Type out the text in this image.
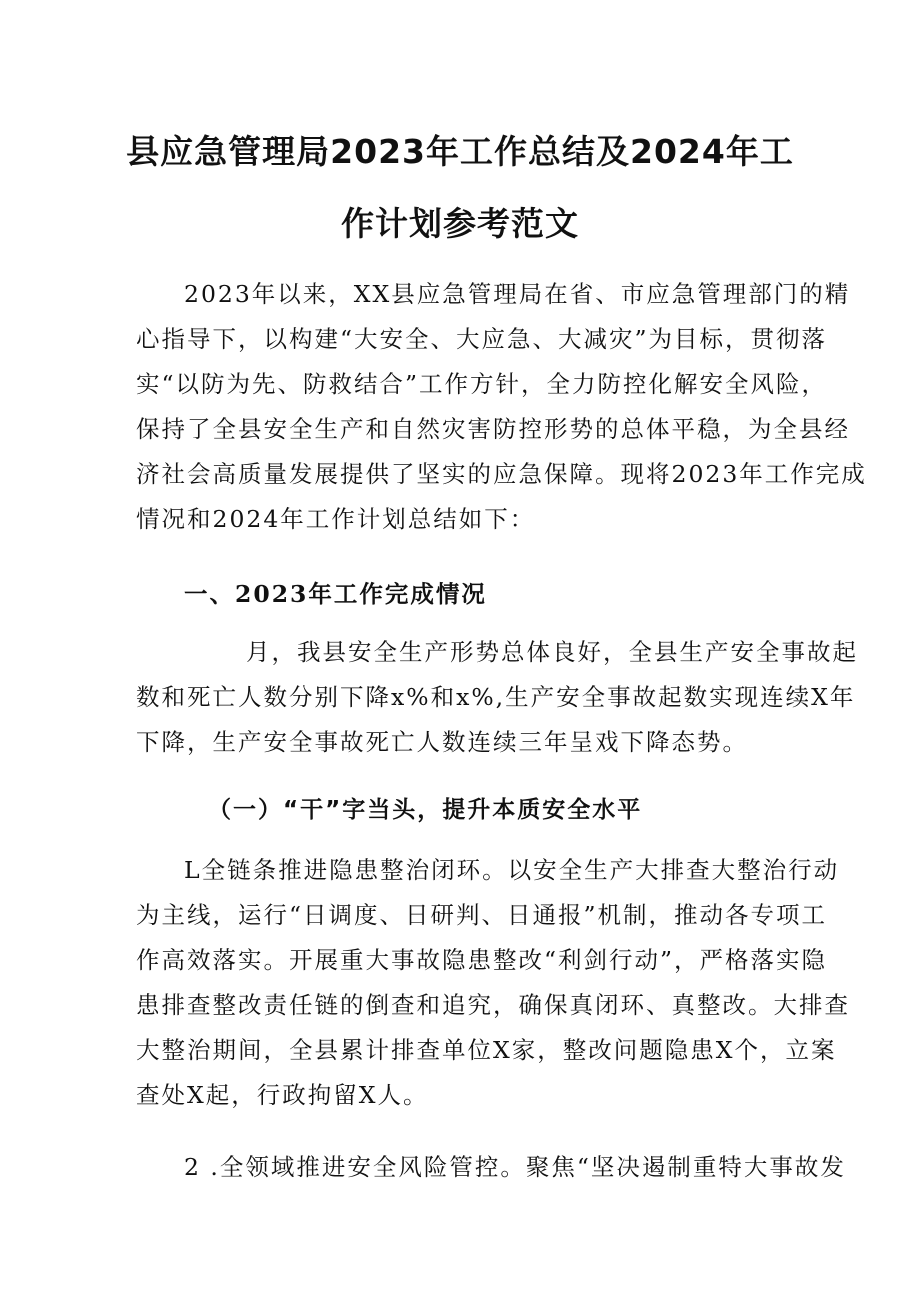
县应急管理局2023年工作总结及2024年工
作计划参考范文

2023年以来，XX县应急管理局在省、市应急管理部门的精
心指导下，以构建“大安全、大应急、大减灾”为目标，贯彻落
实“以防为先、防救结合”工作方针，全力防控化解安全风险，
保持了全县安全生产和自然灾害防控形势的总体平稳，为全县经
济社会高质量发展提供了坚实的应急保障。现将2023年工作完成
情况和2024年工作计划总结如下：

一、2023年工作完成情况

月，我县安全生产形势总体良好，全县生产安全事故起
数和死亡人数分别下降x%和x%,生产安全事故起数实现连续X年
下降，生产安全事故死亡人数连续三年呈戏下降态势。

（一）“干”字当头，提升本质安全水平

L全链条推进隐患整治闭环。以安全生产大排查大整治行动
为主线，运行“日调度、日研判、日通报”机制，推动各专项工
作高效落实。开展重大事故隐患整改“利剑行动”，严格落实隐
患排查整改责任链的倒查和追究，确保真闭环、真整改。大排查
大整治期间，全县累计排查单位X家，整改问题隐患X个，立案
查处X起，行政拘留X人。

2 .全领域推进安全风险管控。聚焦“坚决遏制重特大事故发
